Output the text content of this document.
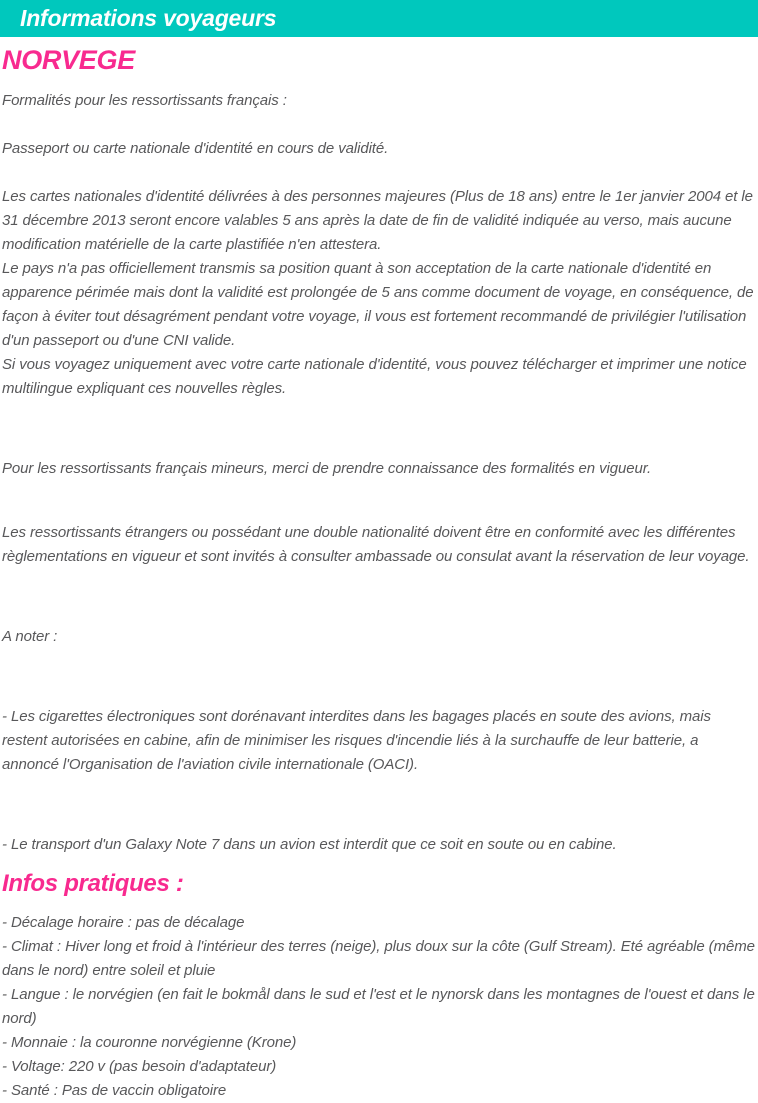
Informations voyageurs
NORVEGE

Formalités pour les ressortissants français :

Passeport ou carte nationale d'identité en cours de validité.

Les cartes nationales d'identité délivrées à des personnes majeures (Plus de 18 ans) entre le 1er janvier 2004 et le 31 décembre 2013 seront encore valables 5 ans après la date de fin de validité indiquée au verso, mais aucune modification matérielle de la carte plastifiée n'en attestera.

Le pays n'a pas officiellement transmis sa position quant à son acceptation de la carte nationale d'identité en apparence périmée mais dont la validité est prolongée de 5 ans comme document de voyage, en conséquence, de façon à éviter tout désagrément pendant votre voyage, il vous est fortement recommandé de privilégier l'utilisation d'un passeport ou d'une CNI valide.

Si vous voyagez uniquement avec votre carte nationale d'identité, vous pouvez télécharger et imprimer une notice multilingue expliquant ces nouvelles règles.

Pour les ressortissants français mineurs, merci de prendre connaissance des formalités en vigueur.

Les ressortissants étrangers ou possédant une double nationalité doivent être en conformité avec les différentes règlementations en vigueur et sont invités à consulter ambassade ou consulat avant la réservation de leur voyage.

A noter :

- Les cigarettes électroniques sont dorénavant interdites dans les bagages placés en soute des avions, mais restent autorisées en cabine, afin de minimiser les risques d'incendie liés à la surchauffe de leur batterie, a annoncé l'Organisation de l'aviation civile internationale (OACI).

- Le transport d'un Galaxy Note 7 dans un avion est interdit que ce soit en soute ou en cabine.

Infos pratiques :

- Décalage horaire : pas de décalage

- Climat : Hiver long et froid à l'intérieur des terres (neige), plus doux sur la côte (Gulf Stream). Eté agréable (même dans le nord) entre soleil et pluie

- Langue : le norvégien (en fait le bokmål dans le sud et l'est et le nynorsk dans les montagnes de l'ouest et dans le nord)

- Monnaie : la couronne norvégienne (Krone)

- Voltage: 220 v (pas besoin d'adaptateur)

- Santé : Pas de vaccin obligatoire
